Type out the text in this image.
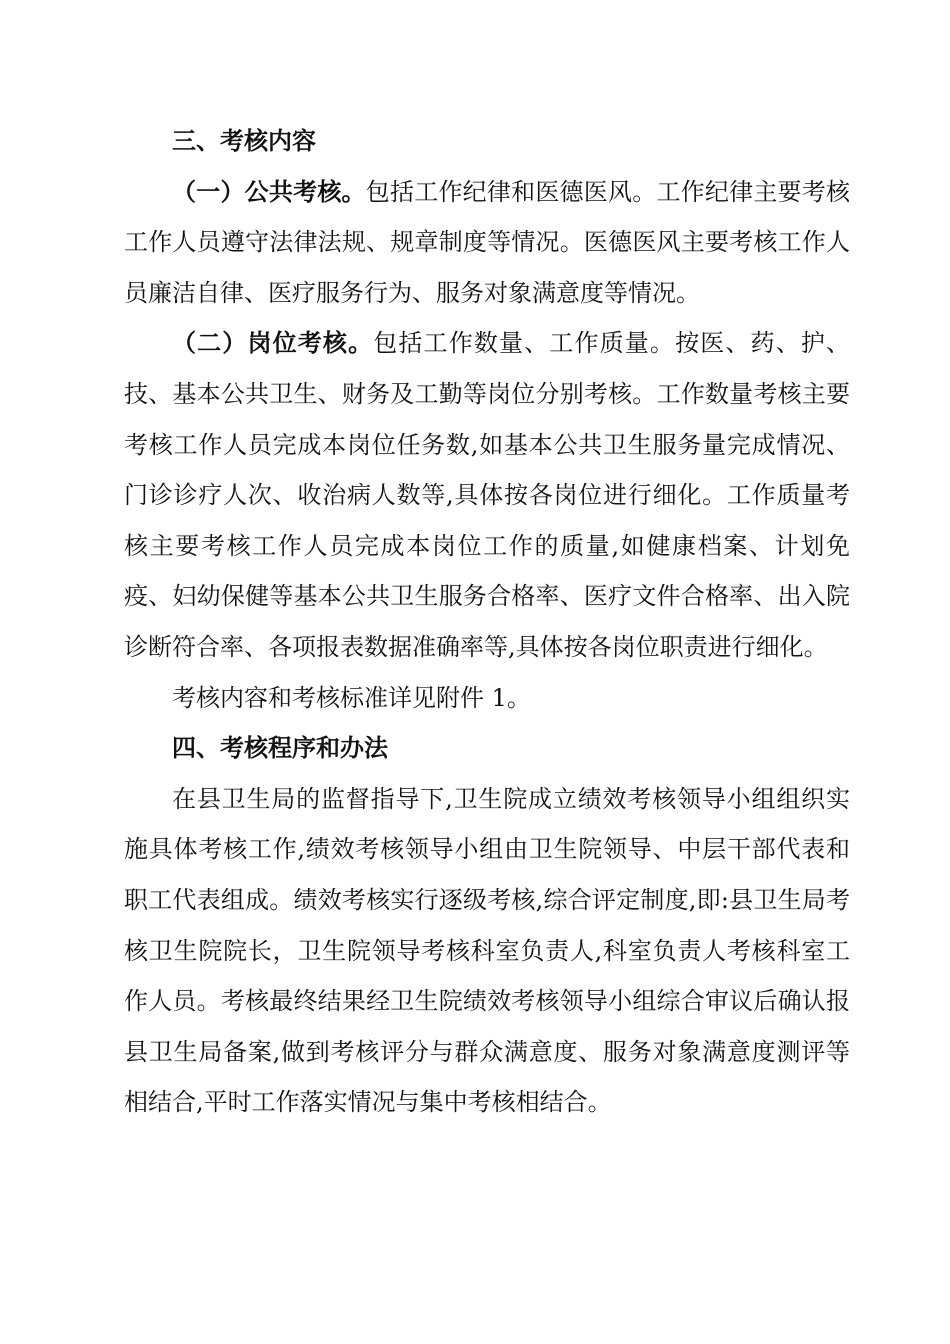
三、考核内容

（一）公共考核。包括工作纪律和医德医风。工作纪律主要考核工作人员遵守法律法规、规章制度等情况。医德医风主要考核工作人员廉洁自律、医疗服务行为、服务对象满意度等情况。

（二）岗位考核。包括工作数量、工作质量。按医、药、护、技、基本公共卫生、财务及工勤等岗位分别考核。工作数量考核主要考核工作人员完成本岗位任务数,如基本公共卫生服务量完成情况、门诊诊疗人次、收治病人数等,具体按各岗位进行细化。工作质量考核主要考核工作人员完成本岗位工作的质量,如健康档案、计划免疫、妇幼保健等基本公共卫生服务合格率、医疗文件合格率、出入院诊断符合率、各项报表数据准确率等,具体按各岗位职责进行细化。

考核内容和考核标准详见附件 1。

四、考核程序和办法

在县卫生局的监督指导下,卫生院成立绩效考核领导小组组织实施具体考核工作,绩效考核领导小组由卫生院领导、中层干部代表和职工代表组成。绩效考核实行逐级考核,综合评定制度,即:县卫生局考核卫生院院长，卫生院领导考核科室负责人,科室负责人考核科室工作人员。考核最终结果经卫生院绩效考核领导小组综合审议后确认报县卫生局备案,做到考核评分与群众满意度、服务对象满意度测评等相结合,平时工作落实情况与集中考核相结合。
